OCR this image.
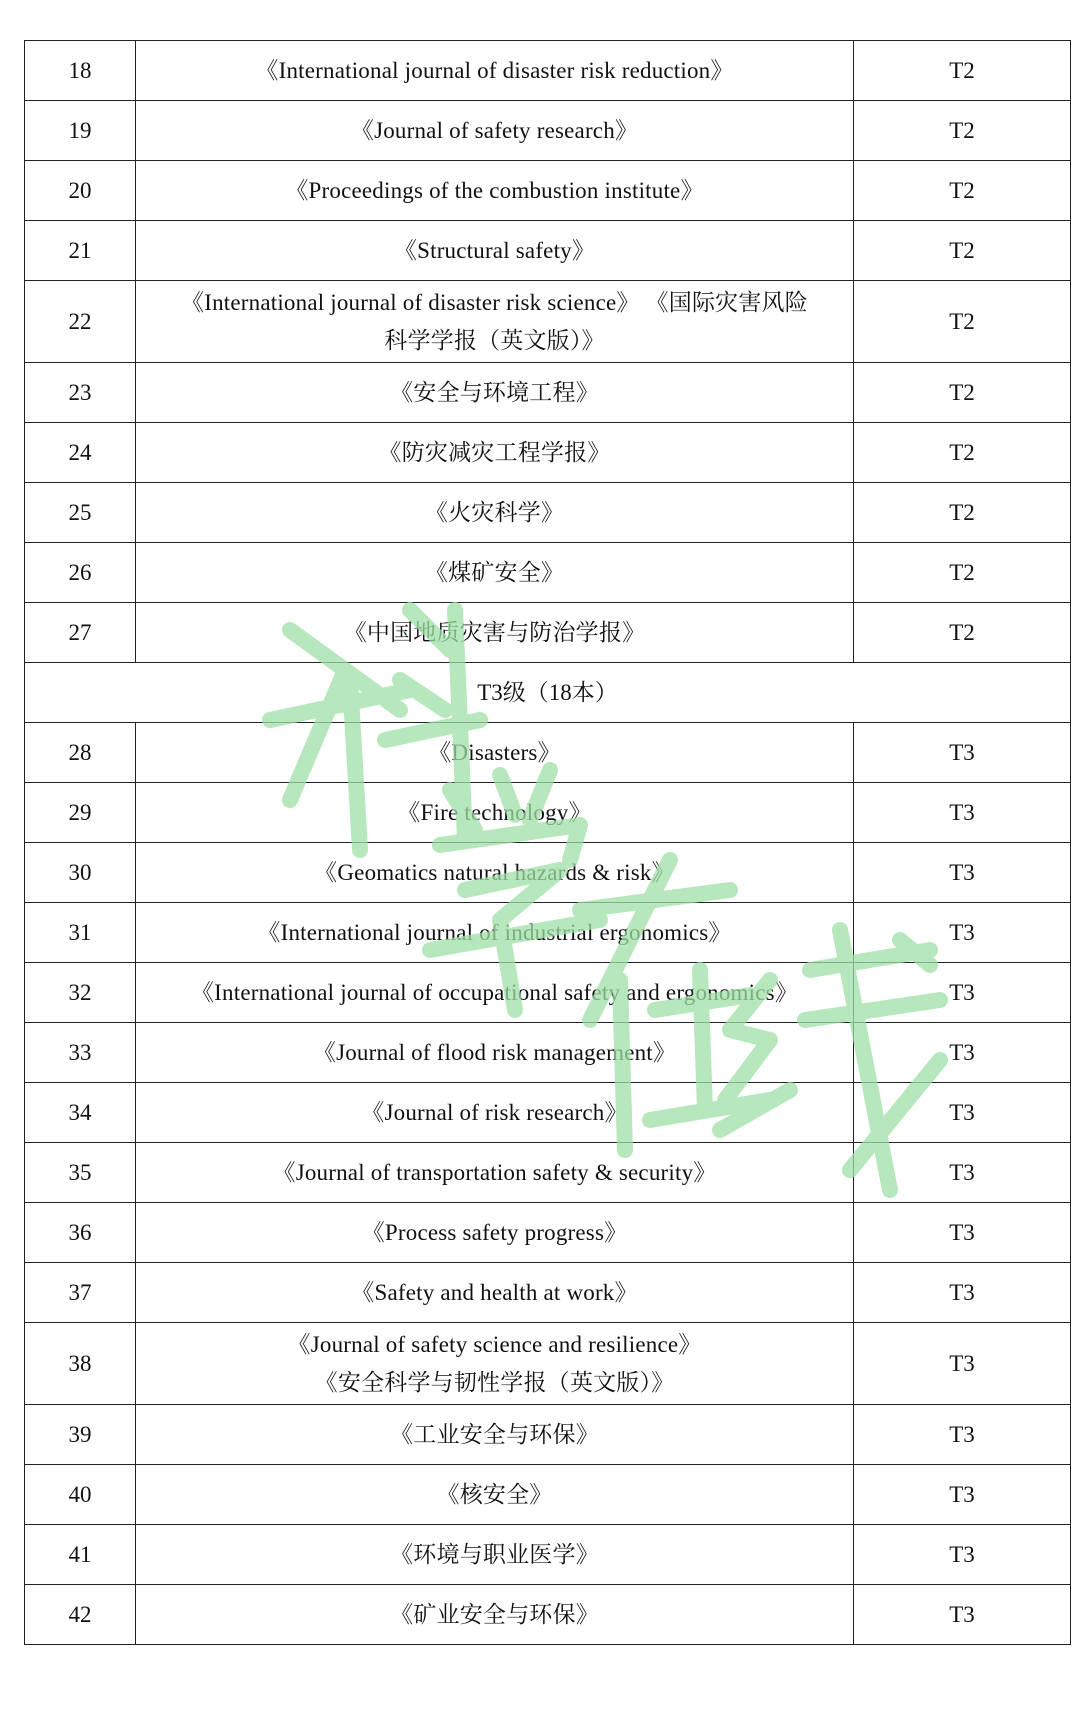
18	《International journal of disaster risk reduction》	T2
19	《Journal of safety research》	T2
20	《Proceedings of the combustion institute》	T2
21	《Structural safety》	T2
22	《International journal of disaster risk science》 《国际灾害风险
科学学报（英文版）》	T2
23	《安全与环境工程》	T2
24	《防灾减灾工程学报》	T2
25	《火灾科学》	T2
26	《煤矿安全》	T2
27	《中国地质灾害与防治学报》	T2
T3级（18本）		
28	《Disasters》	T3
29	《Fire technology》	T3
30	《Geomatics natural hazards & risk》	T3
31	《International journal of industrial ergonomics》	T3
32	《International journal of occupational safety and ergonomics》	T3
33	《Journal of flood risk management》	T3
34	《Journal of risk research》	T3
35	《Journal of transportation safety & security》	T3
36	《Process safety progress》	T3
37	《Safety and health at work》	T3
38	《Journal of safety science and resilience》
《安全科学与韧性学报（英文版）》	T3
39	《工业安全与环保》	T3
40	《核安全》	T3
41	《环境与职业医学》	T3
42	《矿业安全与环保》	T3
